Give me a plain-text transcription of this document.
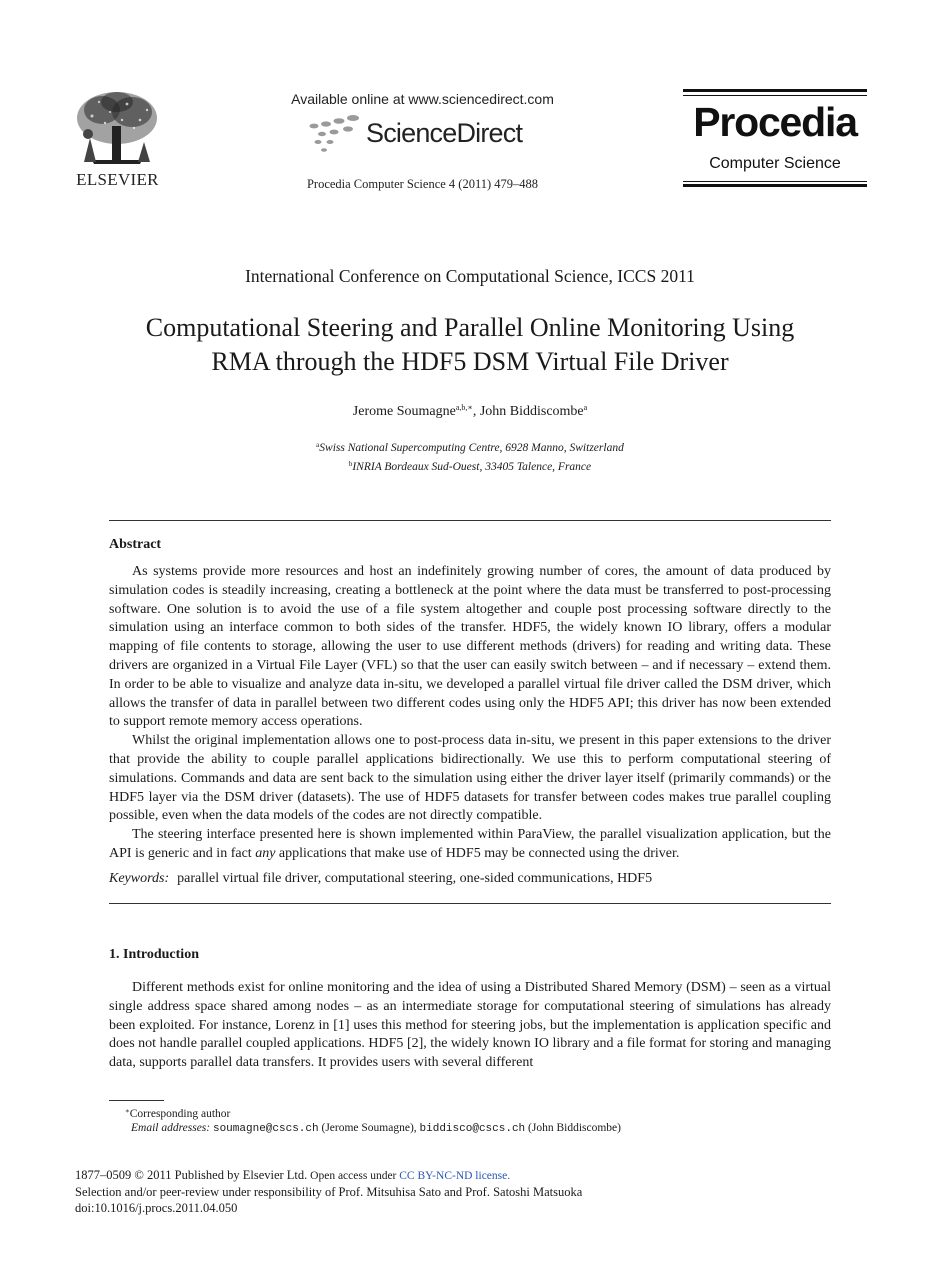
ELSEVIER
Available online at www.sciencedirect.com
ScienceDirect
Procedia Computer Science 4 (2011) 479–488
Procedia
Computer Science
International Conference on Computational Science, ICCS 2011
Computational Steering and Parallel Online Monitoring Using
RMA through the HDF5 DSM Virtual File Driver
Jerome Soumagne$^{a,b,∗}$, John Biddiscombe$^a$
$^a$Swiss National Supercomputing Centre, 6928 Manno, Switzerland
$^b$INRIA Bordeaux Sud-Ouest, 33405 Talence, France
Abstract

As systems provide more resources and host an indefinitely growing number of cores, the amount of data produced by simulation codes is steadily increasing, creating a bottleneck at the point where the data must be transferred to post-processing software. One solution is to avoid the use of a file system altogether and couple post processing software directly to the simulation using an interface common to both sides of the transfer. HDF5, the widely known IO library, offers a modular mapping of file contents to storage, allowing the user to use different methods (drivers) for reading and writing data. These drivers are organized in a Virtual File Layer (VFL) so that the user can easily switch between – and if necessary – extend them. In order to be able to visualize and analyze data in-situ, we developed a parallel virtual file driver called the DSM driver, which allows the transfer of data in parallel between two different codes using only the HDF5 API; this driver has now been extended to support remote memory access operations.

Whilst the original implementation allows one to post-process data in-situ, we present in this paper extensions to the driver that provide the ability to couple parallel applications bidirectionally. We use this to perform computational steering of simulations. Commands and data are sent back to the simulation using either the driver layer itself (primarily commands) or the HDF5 layer via the DSM driver (datasets). The use of HDF5 datasets for transfer between codes makes true parallel coupling possible, even when the data models of the codes are not directly compatible.

The steering interface presented here is shown implemented within ParaView, the parallel visualization application, but the API is generic and in fact any applications that make use of HDF5 may be connected using the driver.

Keywords: parallel virtual file driver, computational steering, one-sided communications, HDF5
1. Introduction

Different methods exist for online monitoring and the idea of using a Distributed Shared Memory (DSM) – seen as a virtual single address space shared among nodes – as an intermediate storage for computational steering of simulations has already been exploited. For instance, Lorenz in [1] uses this method for steering jobs, but the implementation is application specific and does not handle parallel coupled applications. HDF5 [2], the widely known IO library and a file format for storing and managing data, supports parallel data transfers. It provides users with several different

∗Corresponding author
Email addresses: soumagne@cscs.ch (Jerome Soumagne), biddisco@cscs.ch (John Biddiscombe)
1877–0509 © 2011 Published by Elsevier Ltd. Open access under CC BY-NC-ND license.
Selection and/or peer-review under responsibility of Prof. Mitsuhisa Sato and Prof. Satoshi Matsuoka
doi:10.1016/j.procs.2011.04.050
